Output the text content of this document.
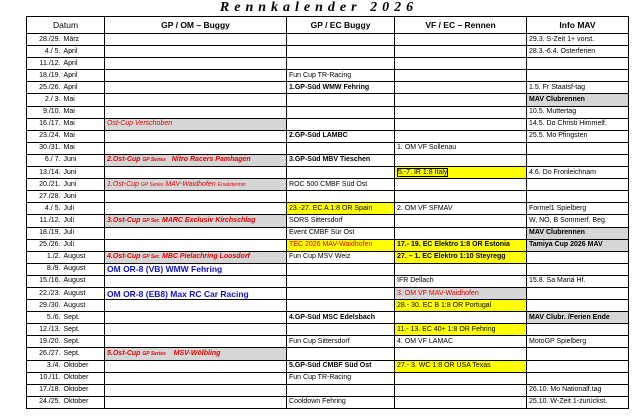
Rennkalender 2026
Datum		GP / OM – Buggy	GP / EC Buggy	VF / EC – Rennen	Info MAV
28./29.	März				29.3. S-Zeit 1+ vorst.
4./ 5.	April				28.3.-6.4. Osterferien
11./12.	April				
18./19.	April		Fun Cup TR-Racing		
25./26.	April		1.GP-Süd WMW Fehring		1.5. Fr Staatsf-tag
2./ 3.	Mai				MAV Clubrennen
9./10.	Mai				10.5. Muttertag
16./17.	Mai	Ost-Cup Verschoben			14.5. Do Christi Himmelf.
23./24.	Mai		2.GP-Süd LAMBC		25.5. Mo Pfingsten
30./31.	Mai			1. OM VF Sollenau	
6./ 7.	Juni	2.Ost-Cup GP Series Nitro Racers Pamhagen	3.GP-Süd MBV Tieschen		
13./14.	Juni			5.-7. IR 1:8 Italy	4.6. Do Fronleichnam
20./21.	Juni	1.Ost-Cup GP Series MAV-Waidhofen Ersatztermin	ROC 500 CMBF Süd Ost		
27./28.	Juni				
4./ 5.	Juli		23.-27. EC A 1:8 OR Spain	2. OM VF SFMAV	Formel1 Spielberg
11./12.	Juli	3.Ost-Cup GP Ser. MARC Exclusiv Kirchschlag	SORS Sittersdorf		W, NÖ, B Sommerf. Beg.
18./19.	Juli		Event CMBF Sür Ost		MAV Clubrennen
25./26.	Juli		TEC 2026 MAV-Waidhofen	17.- 19. EC Elektro 1:8 OR Estonia	Tamiya Cup 2026 MAV
1./2.	August	4.Ost-Cup GP Ser. MBC Pielachring Loosdorf	Fun Cup MSV Weiz	27. – 1. EC Elektro 1:10 Steyregg	
8./9.	August	OM OR-8 (VB) WMW Fehring			
15./16.	August			IFR Dellach	15.8. Sa Mariä Hf.
22./23.	August	OM OR-8 (EB8) Max RC Car Racing		3. OM VF MAV-Waidhofen	
29./30.	August			28.- 30. EC B 1:8 OR Portugal	
5./6.	Sept.		4.GP-Süd MSC Edelsbach		MAV Clubr. /Ferien Ende
12./13.	Sept.			11.- 13. EC 40+ 1:8 OR Fehring	
19./20.	Sept.		Fun Cup Sittersdorf	4. OM VF LAMAC	MotoGP Spielberg
26./27.	Sept.	5.Ost-Cup GP Series MSV-Wölbling			
3./4.	Oktober		5.GP-Süd CMBF Süd Ost	27.- 3. WC 1:8 OR USA Texas	
10./11.	Oktober		Fun Cup TR-Racing		
17./18.	Oktober				26.10. Mo Nationalf.tag
24./25.	Oktober		Cooldown Fehring		25.10. W-Zeit 1-zurückst.
